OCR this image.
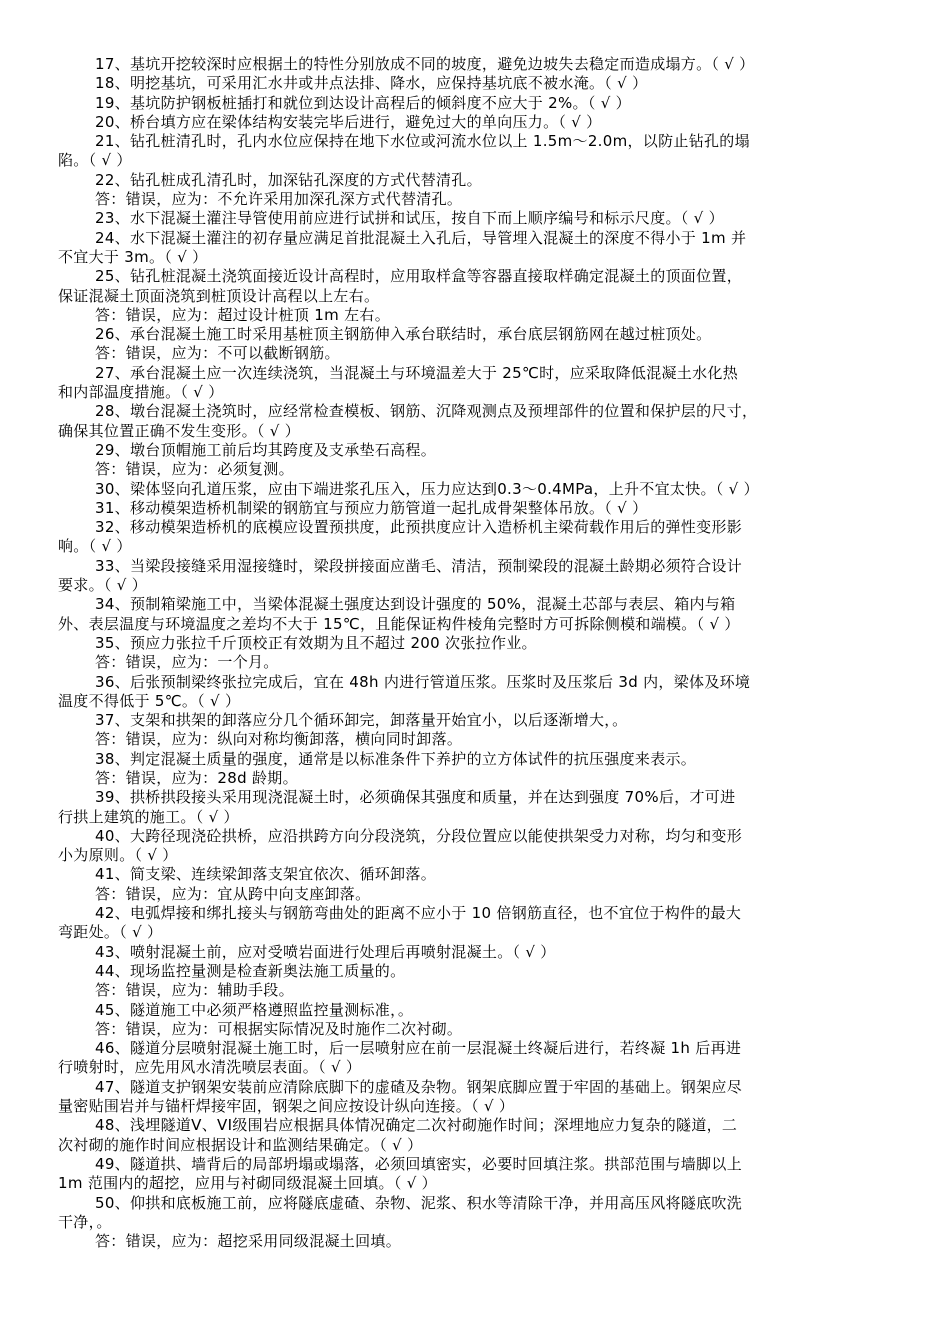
17、基坑开挖较深时应根据土的特性分别放成不同的坡度，避免边坡失去稳定而造成塌方。（ √ ）
18、明挖基坑，可采用汇水井或井点法排、降水，应保持基坑底不被水淹。（ √ ）
19、基坑防护钢板桩插打和就位到达设计高程后的倾斜度不应大于 2%。（ √ ）
20、桥台填方应在梁体结构安装完毕后进行，避免过大的单向压力。（ √ ）
21、钻孔桩清孔时，孔内水位应保持在地下水位或河流水位以上 1.5m～2.0m，以防止钻孔的塌
陷。（ √ ）
22、钻孔桩成孔清孔时，加深钻孔深度的方式代替清孔。
答：错误，应为：不允许采用加深孔深方式代替清孔。
23、水下混凝土灌注导管使用前应进行试拼和试压，按自下而上顺序编号和标示尺度。（ √ ）
24、水下混凝土灌注的初存量应满足首批混凝土入孔后，导管埋入混凝土的深度不得小于 1m 并
不宜大于 3m。（ √ ）
25、钻孔桩混凝土浇筑面接近设计高程时，应用取样盒等容器直接取样确定混凝土的顶面位置，
保证混凝土顶面浇筑到桩顶设计高程以上左右。
答：错误，应为：超过设计桩顶 1m 左右。
26、承台混凝土施工时采用基桩顶主钢筋伸入承台联结时，承台底层钢筋网在越过桩顶处。
答：错误，应为：不可以截断钢筋。
27、承台混凝土应一次连续浇筑，当混凝土与环境温差大于 25℃时，应采取降低混凝土水化热
和内部温度措施。（ √ ）
28、墩台混凝土浇筑时，应经常检查模板、钢筋、沉降观测点及预埋部件的位置和保护层的尺寸，
确保其位置正确不发生变形。（ √ ）
29、墩台顶帽施工前后均其跨度及支承垫石高程。
答：错误，应为：必须复测。
30、梁体竖向孔道压浆，应由下端进浆孔压入，压力应达到0.3～0.4MPa，上升不宜太快。（ √ ）
31、移动模架造桥机制梁的钢筋宜与预应力筋管道一起扎成骨架整体吊放。（ √ ）
32、移动模架造桥机的底模应设置预拱度，此预拱度应计入造桥机主梁荷载作用后的弹性变形影
响。（ √ ）
33、当梁段接缝采用湿接缝时，梁段拼接面应凿毛、清洁，预制梁段的混凝土龄期必须符合设计
要求。（ √ ）
34、预制箱梁施工中，当梁体混凝土强度达到设计强度的 50%，混凝土芯部与表层、箱内与箱
外、表层温度与环境温度之差均不大于 15℃，且能保证构件棱角完整时方可拆除侧模和端模。（ √ ）
35、预应力张拉千斤顶校正有效期为且不超过 200 次张拉作业。
答：错误，应为：一个月。
36、后张预制梁终张拉完成后，宜在 48h 内进行管道压浆。压浆时及压浆后 3d 内，梁体及环境
温度不得低于 5℃。（ √ ）
37、支架和拱架的卸落应分几个循环卸完，卸落量开始宜小，以后逐渐增大，。
答：错误，应为：纵向对称均衡卸落，横向同时卸落。
38、判定混凝土质量的强度，通常是以标准条件下养护的立方体试件的抗压强度来表示。
答：错误，应为：28d 龄期。
39、拱桥拱段接头采用现浇混凝土时，必须确保其强度和质量，并在达到强度 70%后，才可进
行拱上建筑的施工。（ √ ）
40、大跨径现浇砼拱桥，应沿拱跨方向分段浇筑，分段位置应以能使拱架受力对称，均匀和变形
小为原则。（ √ ）
41、简支梁、连续梁卸落支架宜依次、循环卸落。
答：错误，应为：宜从跨中向支座卸落。
42、电弧焊接和绑扎接头与钢筋弯曲处的距离不应小于 10 倍钢筋直径，也不宜位于构件的最大
弯距处。（ √ ）
43、喷射混凝土前，应对受喷岩面进行处理后再喷射混凝土。（ √ ）
44、现场监控量测是检查新奥法施工质量的。
答：错误，应为：辅助手段。
45、隧道施工中必须严格遵照监控量测标准，。
答：错误，应为：可根据实际情况及时施作二次衬砌。
46、隧道分层喷射混凝土施工时，后一层喷射应在前一层混凝土终凝后进行，若终凝 1h 后再进
行喷射时，应先用风水清洗喷层表面。（ √ ）
47、隧道支护钢架安装前应清除底脚下的虚碴及杂物。钢架底脚应置于牢固的基础上。钢架应尽
量密贴围岩并与锚杆焊接牢固，钢架之间应按设计纵向连接。（ √ ）
48、浅埋隧道V、VI级围岩应根据具体情况确定二次衬砌施作时间；深埋地应力复杂的隧道，二
次衬砌的施作时间应根据设计和监测结果确定。（ √ ）
49、隧道拱、墙背后的局部坍塌或塌落，必须回填密实，必要时回填注浆。拱部范围与墙脚以上
1m 范围内的超挖，应用与衬砌同级混凝土回填。（ √ ）
50、仰拱和底板施工前，应将隧底虚碴、杂物、泥浆、积水等清除干净，并用高压风将隧底吹洗
干净，。
答：错误，应为：超挖采用同级混凝土回填。
